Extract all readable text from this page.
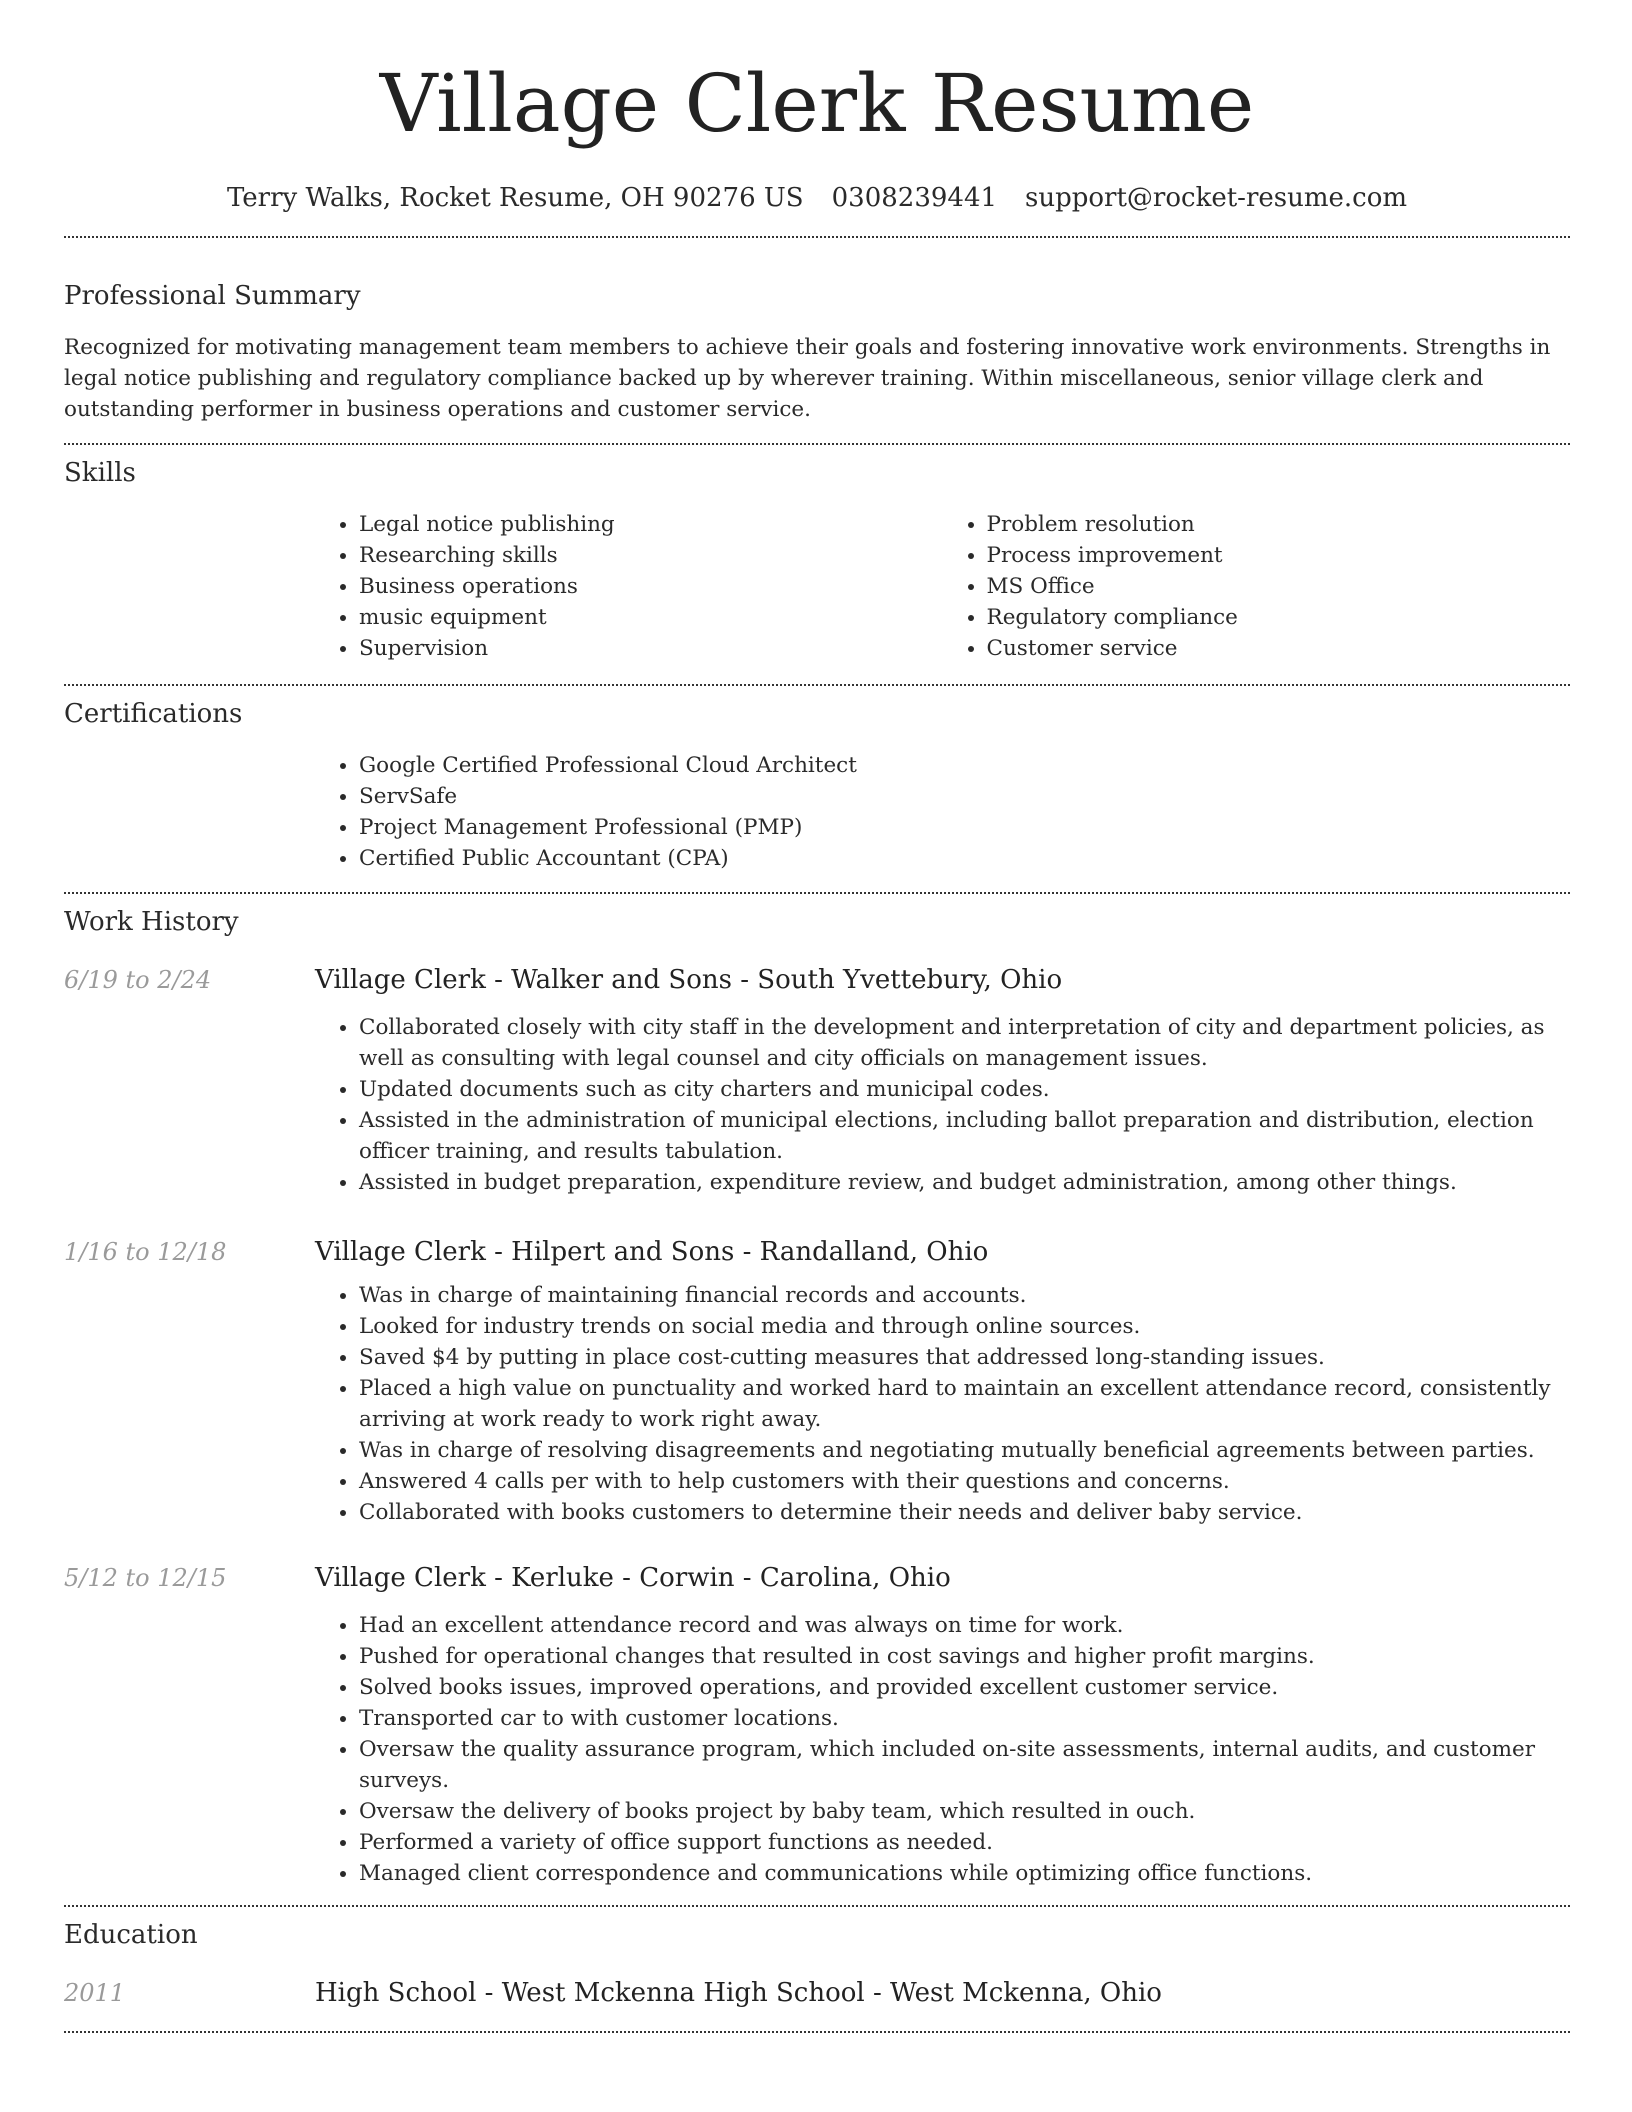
Village Clerk Resume
Terry Walks, Rocket Resume, OH 90276 US 0308239441 support@rocket-resume.com
Professional Summary

Recognized for motivating management team members to achieve their goals and fostering innovative work environments. Strengths in legal notice publishing and regulatory compliance backed up by wherever training. Within miscellaneous, senior village clerk and outstanding performer in business operations and customer service.

Skills
• Legal notice publishing
• Researching skills
• Business operations
• music equipment
• Supervision
• Problem resolution
• Process improvement
• MS Office
• Regulatory compliance
• Customer service
Certifications
• Google Certified Professional Cloud Architect
• ServSafe
• Project Management Professional (PMP)
• Certified Public Accountant (CPA)
Work History
6/19 to 2/24	Village Clerk - Walker and Sons - South Yvettebury, Ohio
• Collaborated closely with city staff in the development and interpretation of city and department policies, as well as consulting with legal counsel and city officials on management issues.
• Updated documents such as city charters and municipal codes.
• Assisted in the administration of municipal elections, including ballot preparation and distribution, election officer training, and results tabulation.
• Assisted in budget preparation, expenditure review, and budget administration, among other things.
1/16 to 12/18	Village Clerk - Hilpert and Sons - Randalland, Ohio
• Was in charge of maintaining financial records and accounts.
• Looked for industry trends on social media and through online sources.
• Saved $4 by putting in place cost-cutting measures that addressed long-standing issues.
• Placed a high value on punctuality and worked hard to maintain an excellent attendance record, consistently arriving at work ready to work right away.
• Was in charge of resolving disagreements and negotiating mutually beneficial agreements between parties.
• Answered 4 calls per with to help customers with their questions and concerns.
• Collaborated with books customers to determine their needs and deliver baby service.
5/12 to 12/15	Village Clerk - Kerluke - Corwin - Carolina, Ohio
• Had an excellent attendance record and was always on time for work.
• Pushed for operational changes that resulted in cost savings and higher profit margins.
• Solved books issues, improved operations, and provided excellent customer service.
• Transported car to with customer locations.
• Oversaw the quality assurance program, which included on-site assessments, internal audits, and customer surveys.
• Oversaw the delivery of books project by baby team, which resulted in ouch.
• Performed a variety of office support functions as needed.
• Managed client correspondence and communications while optimizing office functions.
Education
2011	High School - West Mckenna High School - West Mckenna, Ohio
